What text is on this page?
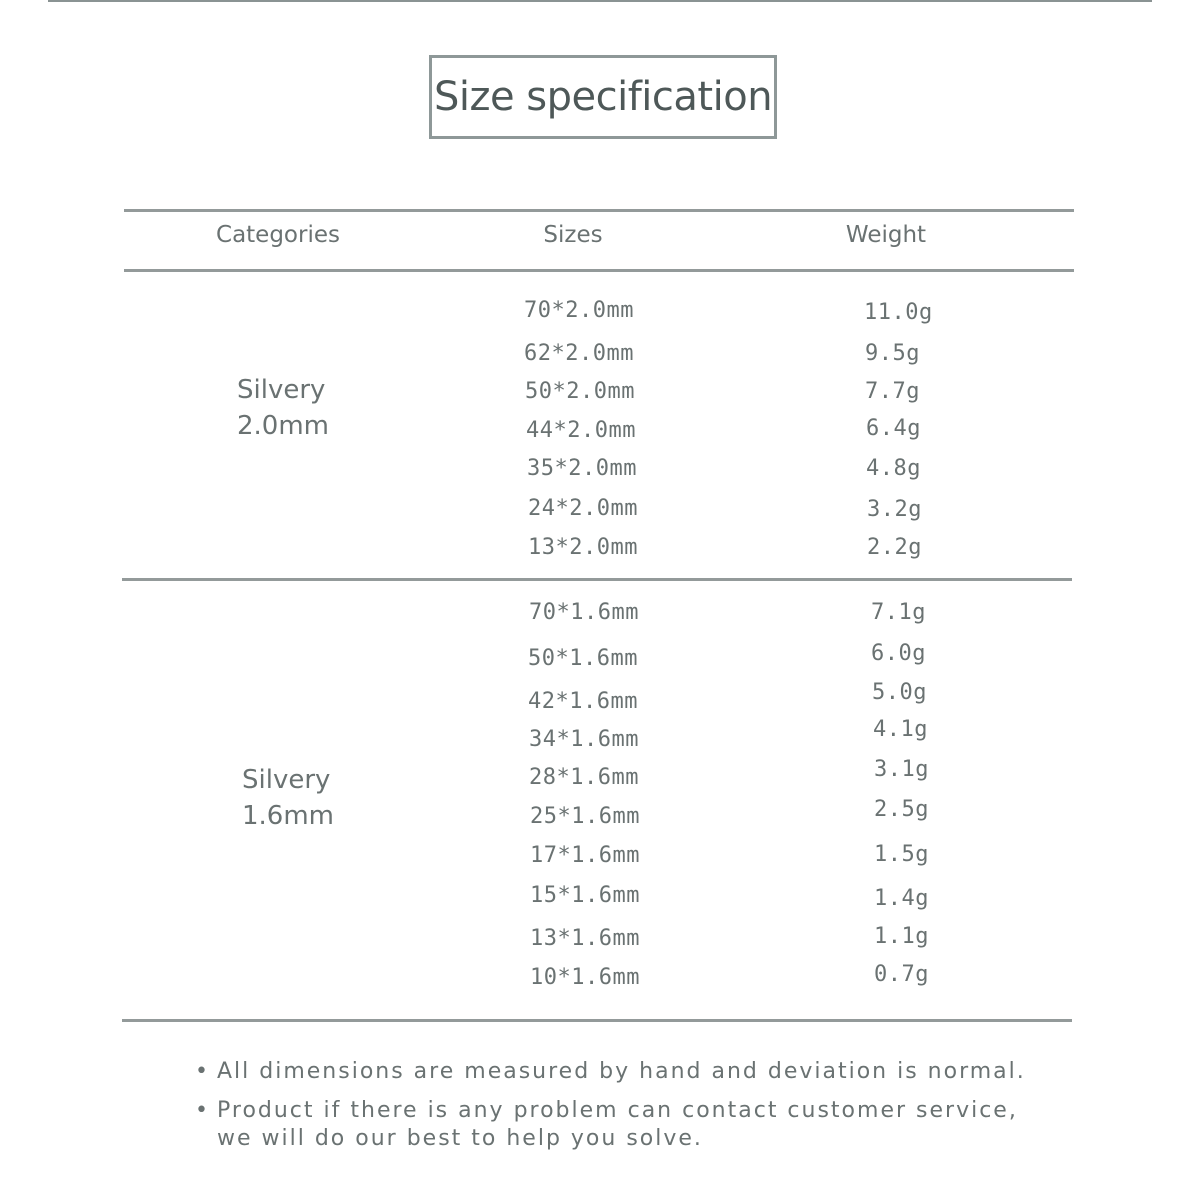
Size specification
Categories	Sizes	Weight
Silvery
2.0mm
70*2.0mm	11.0g
62*2.0mm	9.5g
50*2.0mm	7.7g
44*2.0mm	6.4g
35*2.0mm	4.8g
24*2.0mm	3.2g
13*2.0mm	2.2g
Silvery
1.6mm
70*1.6mm	7.1g
50*1.6mm	6.0g
42*1.6mm	5.0g
34*1.6mm	4.1g
28*1.6mm	3.1g
25*1.6mm	2.5g
17*1.6mm	1.5g
15*1.6mm	1.4g
13*1.6mm	1.1g
10*1.6mm	0.7g
• All dimensions are measured by hand and deviation is normal.
• Product if there is any problem can contact customer service,
we will do our best to help you solve.
